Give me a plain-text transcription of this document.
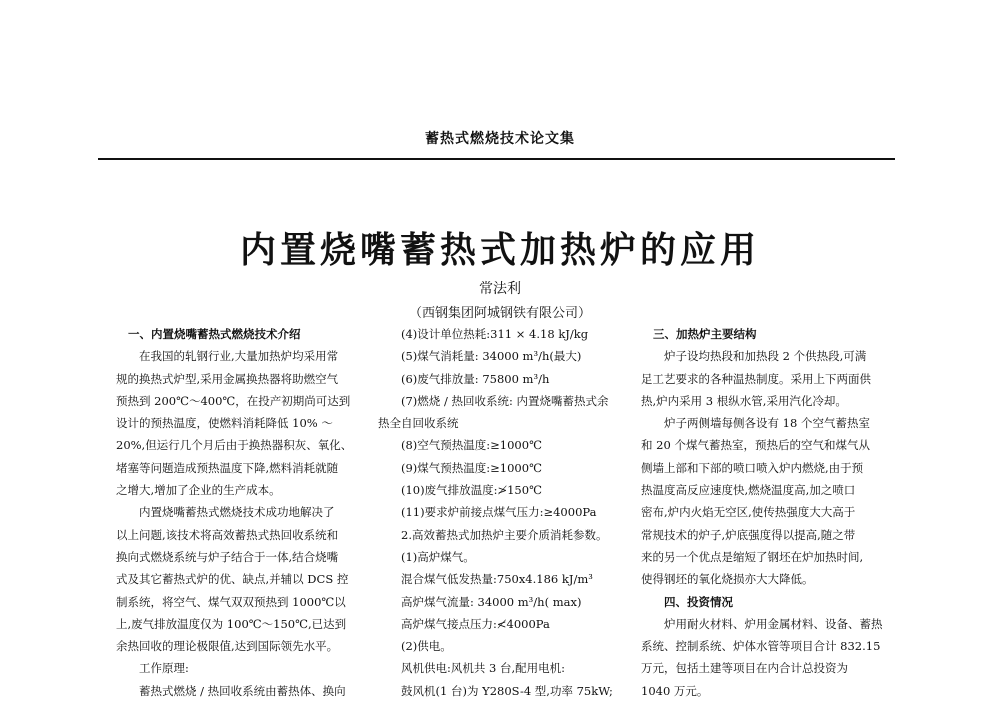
蓄热式燃烧技术论文集
内置烧嘴蓄热式加热炉的应用
常法利
（西钢集团阿城钢铁有限公司）

一、内置烧嘴蓄热式燃烧技术介绍

在我国的轧钢行业,大量加热炉均采用常

规的换热式炉型,采用金属换热器将助燃空气

预热到 200℃～400℃，在投产初期尚可达到

设计的预热温度，使燃料消耗降低 10% ～

20%,但运行几个月后由于换热器积灰、氧化、

堵塞等问题造成预热温度下降,燃料消耗就随

之增大,增加了企业的生产成本。

内置烧嘴蓄热式燃烧技术成功地解决了

以上问题,该技术将高效蓄热式热回收系统和

换向式燃烧系统与炉子结合于一体,结合烧嘴

式及其它蓄热式炉的优、缺点,并辅以 DCS 控

制系统，将空气、煤气双双预热到 1000℃以

上,废气排放温度仅为 100℃～150℃,已达到

余热回收的理论极限值,达到国际领先水平。

工作原理:

蓄热式燃烧 / 热回收系统由蓄热体、换向

(4)设计单位热耗:311 × 4.18 kJ/kg

(5)煤气消耗量: 34000 m³/h(最大)

(6)废气排放量: 75800 m³/h

(7)燃烧 / 热回收系统: 内置烧嘴蓄热式余

热全自回收系统

(8)空气预热温度:≥1000℃

(9)煤气预热温度:≥1000℃

(10)废气排放温度:≯150℃

(11)要求炉前接点煤气压力:≥4000Pa

2.高效蓄热式加热炉主要介质消耗参数。

(1)高炉煤气。

混合煤气低发热量:750x4.186 kJ/m³

高炉煤气流量: 34000 m³/h( max)

高炉煤气接点压力:≮4000Pa

(2)供电。

风机供电:风机共 3 台,配用电机:

鼓风机(1 台)为 Y280S-4 型,功率 75kW;

三、加热炉主要结构

炉子设均热段和加热段 2 个供热段,可满

足工艺要求的各种温热制度。采用上下两面供

热,炉内采用 3 根纵水管,采用汽化冷却。

炉子两侧墙每侧各设有 18 个空气蓄热室

和 20 个煤气蓄热室，预热后的空气和煤气从

侧墙上部和下部的喷口喷入炉内燃烧,由于预

热温度高反应速度快,燃烧温度高,加之喷口

密布,炉内火焰无空区,使传热强度大大高于

常规技术的炉子,炉底强度得以提高,随之带

来的另一个优点是缩短了钢坯在炉加热时间,

使得钢坯的氧化烧损亦大大降低。

四、投资情况

炉用耐火材料、炉用金属材料、设备、蓄热

系统、控制系统、炉体水管等项目合计 832.15

万元，包括土建等项目在内合计总投资为

1040 万元。
